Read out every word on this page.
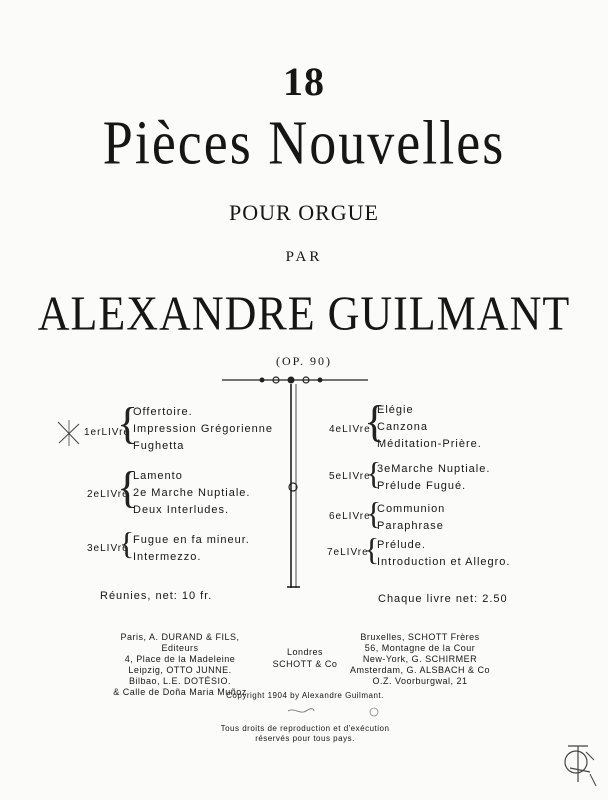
18
Pièces Nouvelles
POUR ORGUE
PAR
ALEXANDRE GUILMANT
(OP. 90)
1erLIVre
{
Offertoire.
Impression Grégorienne
Fughetta
2eLIVre
{
Lamento
2e Marche Nuptiale.
Deux Interludes.
3eLIVre
{
Fugue en fa mineur.
Intermezzo.
4eLIVre
{
Elégie
Canzona
Méditation-Prière.
5eLIVre
{
3eMarche Nuptiale.
Prélude Fugué.
6eLIVre
{
Communion
Paraphrase
7eLIVre
{
Prélude.
Introduction et Allegro.
Réunies, net: 10 fr.	Chaque livre net: 2.50
Paris, A. DURAND & FILS, Editeurs
4, Place de la Madeleine
Leipzig, OTTO JUNNE.
Bilbao, L.E. DOTÉSIO.
& Calle de Doña Maria Muñoz
Londres
SCHOTT & Co
Bruxelles, SCHOTT Frères
56, Montagne de la Cour
New-York, G. SCHIRMER
Amsterdam, G. ALSBACH & Co
O.Z. Voorburgwal, 21
Copyright 1904 by Alexandre Guilmant.
Tous droits de reproduction et d'exécution
réservés pour tous pays.
